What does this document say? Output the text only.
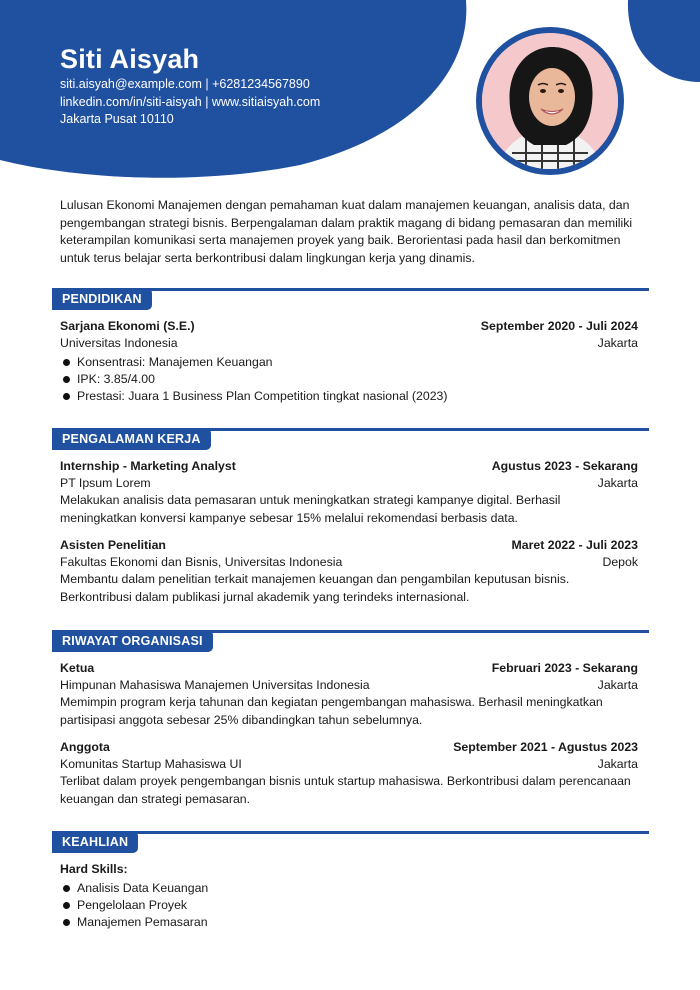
Siti Aisyah
siti.aisyah@example.com | +6281234567890
linkedin.com/in/siti-aisyah | www.sitiaisyah.com
Jakarta Pusat 10110
Lulusan Ekonomi Manajemen dengan pemahaman kuat dalam manajemen keuangan, analisis data, dan pengembangan strategi bisnis. Berpengalaman dalam praktik magang di bidang pemasaran dan memiliki keterampilan komunikasi serta manajemen proyek yang baik. Berorientasi pada hasil dan berkomitmen untuk terus belajar serta berkontribusi dalam lingkungan kerja yang dinamis.
PENDIDIKAN
Sarjana Ekonomi (S.E.)	September 2020 - Juli 2024
Universitas Indonesia	Jakarta
Konsentrasi: Manajemen Keuangan
IPK: 3.85/4.00
Prestasi: Juara 1 Business Plan Competition tingkat nasional (2023)
PENGALAMAN KERJA
Internship - Marketing Analyst	Agustus 2023 - Sekarang
PT Ipsum Lorem	Jakarta
Melakukan analisis data pemasaran untuk meningkatkan strategi kampanye digital. Berhasil meningkatkan konversi kampanye sebesar 15% melalui rekomendasi berbasis data.
Asisten Penelitian	Maret 2022 - Juli 2023
Fakultas Ekonomi dan Bisnis, Universitas Indonesia	Depok
Membantu dalam penelitian terkait manajemen keuangan dan pengambilan keputusan bisnis. Berkontribusi dalam publikasi jurnal akademik yang terindeks internasional.
RIWAYAT ORGANISASI
Ketua	Februari 2023 - Sekarang
Himpunan Mahasiswa Manajemen Universitas Indonesia	Jakarta
Memimpin program kerja tahunan dan kegiatan pengembangan mahasiswa. Berhasil meningkatkan partisipasi anggota sebesar 25% dibandingkan tahun sebelumnya.
Anggota	September 2021 - Agustus 2023
Komunitas Startup Mahasiswa UI	Jakarta
Terlibat dalam proyek pengembangan bisnis untuk startup mahasiswa. Berkontribusi dalam perencanaan keuangan dan strategi pemasaran.
KEAHLIAN
Hard Skills:
Analisis Data Keuangan
Pengelolaan Proyek
Manajemen Pemasaran
